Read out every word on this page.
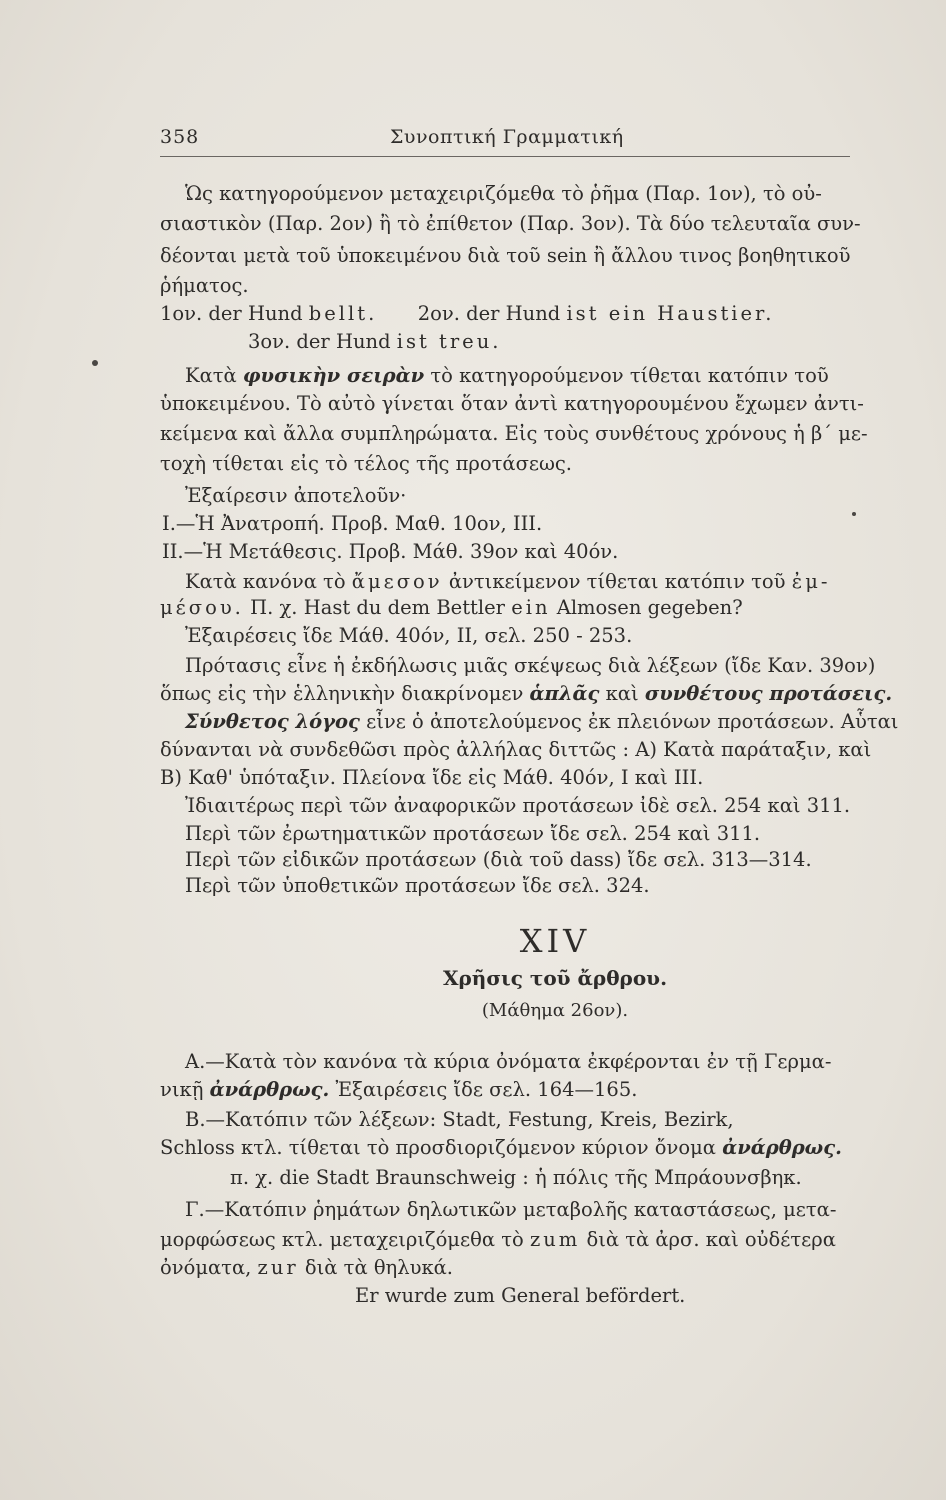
358	Συνοπτική Γραμματική
Ὡς κατηγορούμενον μεταχειριζόμεθα τὸ ῥῆμα (Παρ. 1ον), τὸ οὐ-
σιαστικὸν (Παρ. 2ον) ἢ τὸ ἐπίθετον (Παρ. 3ον). Τὰ δύο τελευταῖα συν-
δέονται μετὰ τοῦ ὑποκειμένου διὰ τοῦ sein ἢ ἄλλου τινος βοηθητικοῦ
ῥήματος.
1ον. der Hund bellt. 2ον. der Hund ist ein Haustier.
3ον. der Hund ist treu.
Κατὰ φυσικὴν σειρὰν τὸ κατηγορούμενον τίθεται κατόπιν τοῦ
ὑποκειμένου. Τὸ αὐτὸ γίνεται ὅταν ἀντὶ κατηγορουμένου ἔχωμεν ἀντι-
κείμενα καὶ ἄλλα συμπληρώματα. Εἰς τοὺς συνθέτους χρόνους ἡ β΄ με-
τοχὴ τίθεται εἰς τὸ τέλος τῆς προτάσεως.
Ἐξαίρεσιν ἀποτελοῦν·
I.—Ἡ Ἀνατροπή. Προβ. Μαθ. 10ον, III.
II.—Ἡ Μετάθεσις. Προβ. Μάθ. 39ον καὶ 40όν.
Κατὰ κανόνα τὸ ἄμεσον ἀντικείμενον τίθεται κατόπιν τοῦ ἐμ-
μέσου. Π. χ. Hast du dem Bettler ein Almosen gegeben?
Ἐξαιρέσεις ἴδε Μάθ. 40όν, II, σελ. 250 - 253.
Πρότασις εἶνε ἡ ἐκδήλωσις μιᾶς σκέψεως διὰ λέξεων (ἴδε Καν. 39ον)
ὅπως εἰς τὴν ἑλληνικὴν διακρίνομεν ἁπλᾶς καὶ συνθέτους προτάσεις.
Σύνθετος λόγος εἶνε ὁ ἀποτελούμενος ἐκ πλειόνων προτάσεων. Αὗται
δύνανται νὰ συνδεθῶσι πρὸς ἀλλήλας διττῶς : A) Κατὰ παράταξιν, καὶ
B) Καθ' ὑπόταξιν. Πλείονα ἴδε εἰς Μάθ. 40όν, I καὶ III.
Ἰδιαιτέρως περὶ τῶν ἀναφορικῶν προτάσεων ἰδὲ σελ. 254 καὶ 311.
Περὶ τῶν ἐρωτηματικῶν προτάσεων ἴδε σελ. 254 καὶ 311.
Περὶ τῶν εἰδικῶν προτάσεων (διὰ τοῦ dass) ἴδε σελ. 313—314.
Περὶ τῶν ὑποθετικῶν προτάσεων ἴδε σελ. 324.
XIV
Χρῆσις τοῦ ἄρθρου.
(Μάθημα 26ον).
A.—Κατὰ τὸν κανόνα τὰ κύρια ὀνόματα ἐκφέρονται ἐν τῇ Γερμα-
νικῇ ἀνάρθρως. Ἐξαιρέσεις ἴδε σελ. 164—165.
B.—Κατόπιν τῶν λέξεων: Stadt, Festung, Kreis, Bezirk,
Schloss κτλ. τίθεται τὸ προσδιοριζόμενον κύριον ὄνομα ἀνάρθρως.
π. χ. die Stadt Braunschweig : ἡ πόλις τῆς Μπράουνσβηκ.
Γ.—Κατόπιν ῥημάτων δηλωτικῶν μεταβολῆς καταστάσεως, μετα-
μορφώσεως κτλ. μεταχειριζόμεθα τὸ zum διὰ τὰ ἀρσ. καὶ οὐδέτερα
ὀνόματα, zur διὰ τὰ θηλυκά.
Er wurde zum General befördert.
